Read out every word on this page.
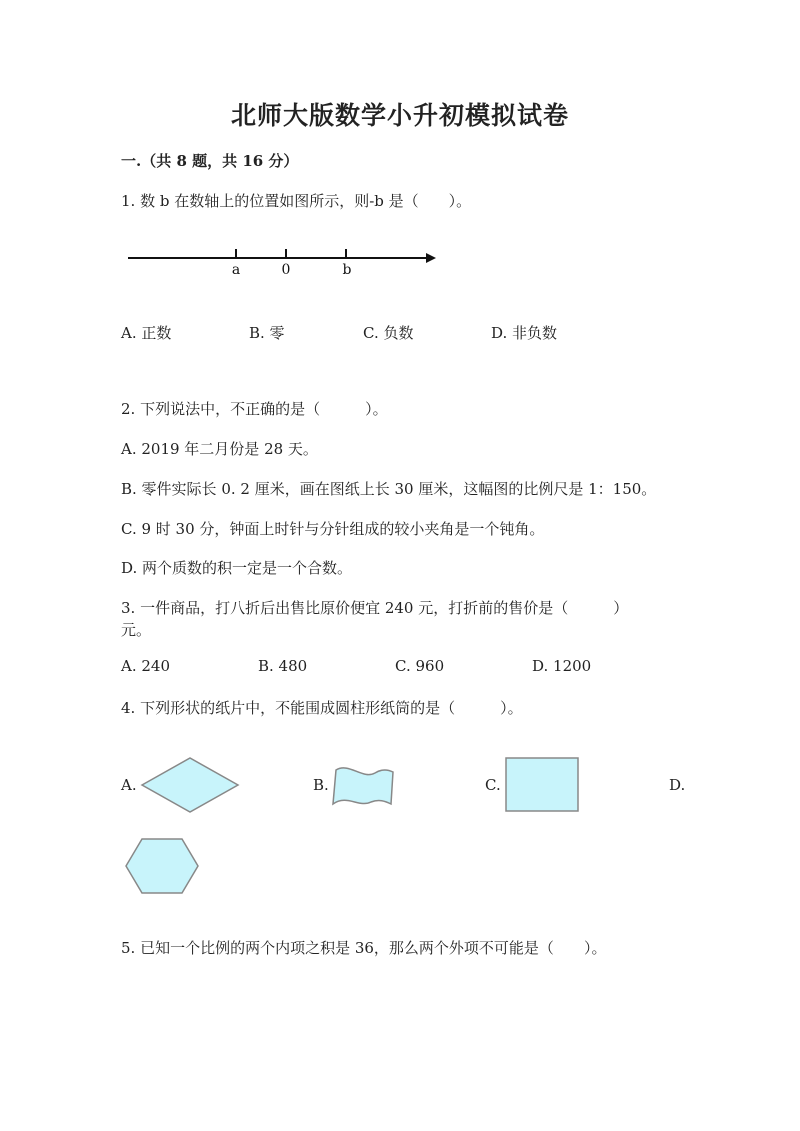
北师大版数学小升初模拟试卷
一.（共 8 题，共 16 分）
1. 数 b 在数轴上的位置如图所示，则-b 是（　　）。
a	0	b
A. 正数	B. 零	C. 负数	D. 非负数
2. 下列说法中，不正确的是（　　　）。
A. 2019 年二月份是 28 天。
B. 零件实际长 0. 2 厘米，画在图纸上长 30 厘米，这幅图的比例尺是 1：150。
C. 9 时 30 分，钟面上时针与分针组成的较小夹角是一个钝角。
D. 两个质数的积一定是一个合数。
3. 一件商品，打八折后出售比原价便宜 240 元，打折前的售价是（　　　）
元。
A. 240	B. 480	C. 960	D. 1200
4. 下列形状的纸片中，不能围成圆柱形纸筒的是（　　　）。
A.	B.	C.	D.
5. 已知一个比例的两个内项之积是 36，那么两个外项不可能是（　　）。
